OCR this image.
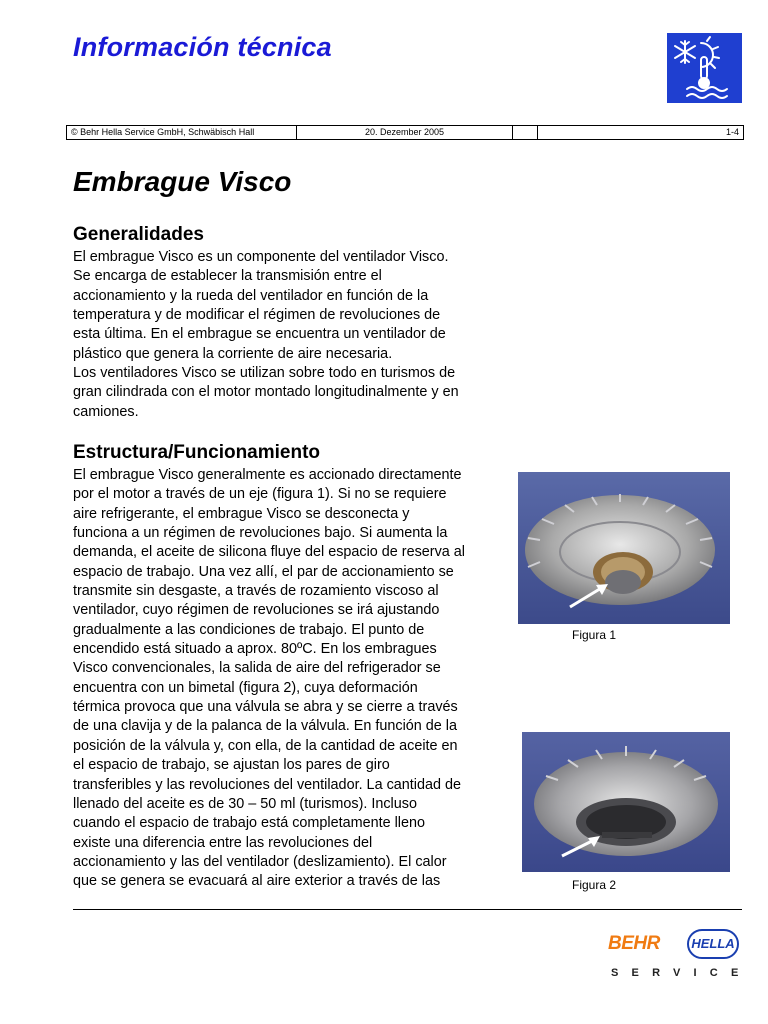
Información técnica
© Behr Hella Service GmbH, Schwäbisch Hall	20. Dezember 2005	1-4
Embrague Visco
Generalidades

El embrague Visco es un componente del ventilador Visco.
Se encarga de establecer la transmisión entre el
accionamiento y la rueda del ventilador en función de la
temperatura y de modificar el régimen de revoluciones de
esta última. En el embrague se encuentra un ventilador de
plástico que genera la corriente de aire necesaria.
Los ventiladores Visco se utilizan sobre todo en turismos de
gran cilindrada con el motor montado longitudinalmente y en
camiones.

Estructura/Funcionamiento

El embrague Visco generalmente es accionado directamente
por el motor a través de un eje (figura 1). Si no se requiere
aire refrigerante, el embrague Visco se desconecta y
funciona a un régimen de revoluciones bajo. Si aumenta la
demanda, el aceite de silicona fluye del espacio de reserva al
espacio de trabajo. Una vez allí, el par de accionamiento se
transmite sin desgaste, a través de rozamiento viscoso al
ventilador, cuyo régimen de revoluciones se irá ajustando
gradualmente a las condiciones de trabajo. El punto de
encendido está situado a aprox. 80ºC. En los embragues
Visco convencionales, la salida de aire del refrigerador se
encuentra con un bimetal (figura 2), cuya deformación
térmica provoca que una válvula se abra y se cierre a través
de una clavija y de la palanca de la válvula. En función de la
posición de la válvula y, con ella, de la cantidad de aceite en
el espacio de trabajo, se ajustan los pares de giro
transferibles y las revoluciones del ventilador. La cantidad de
llenado del aceite es de 30 – 50 ml (turismos). Incluso
cuando el espacio de trabajo está completamente lleno
existe una diferencia entre las revoluciones del
accionamiento y las del ventilador (deslizamiento). El calor
que se genera se evacuará al aire exterior a través de las

Figura 1
Figura 2
BEHR	HELLA
SERVICE
